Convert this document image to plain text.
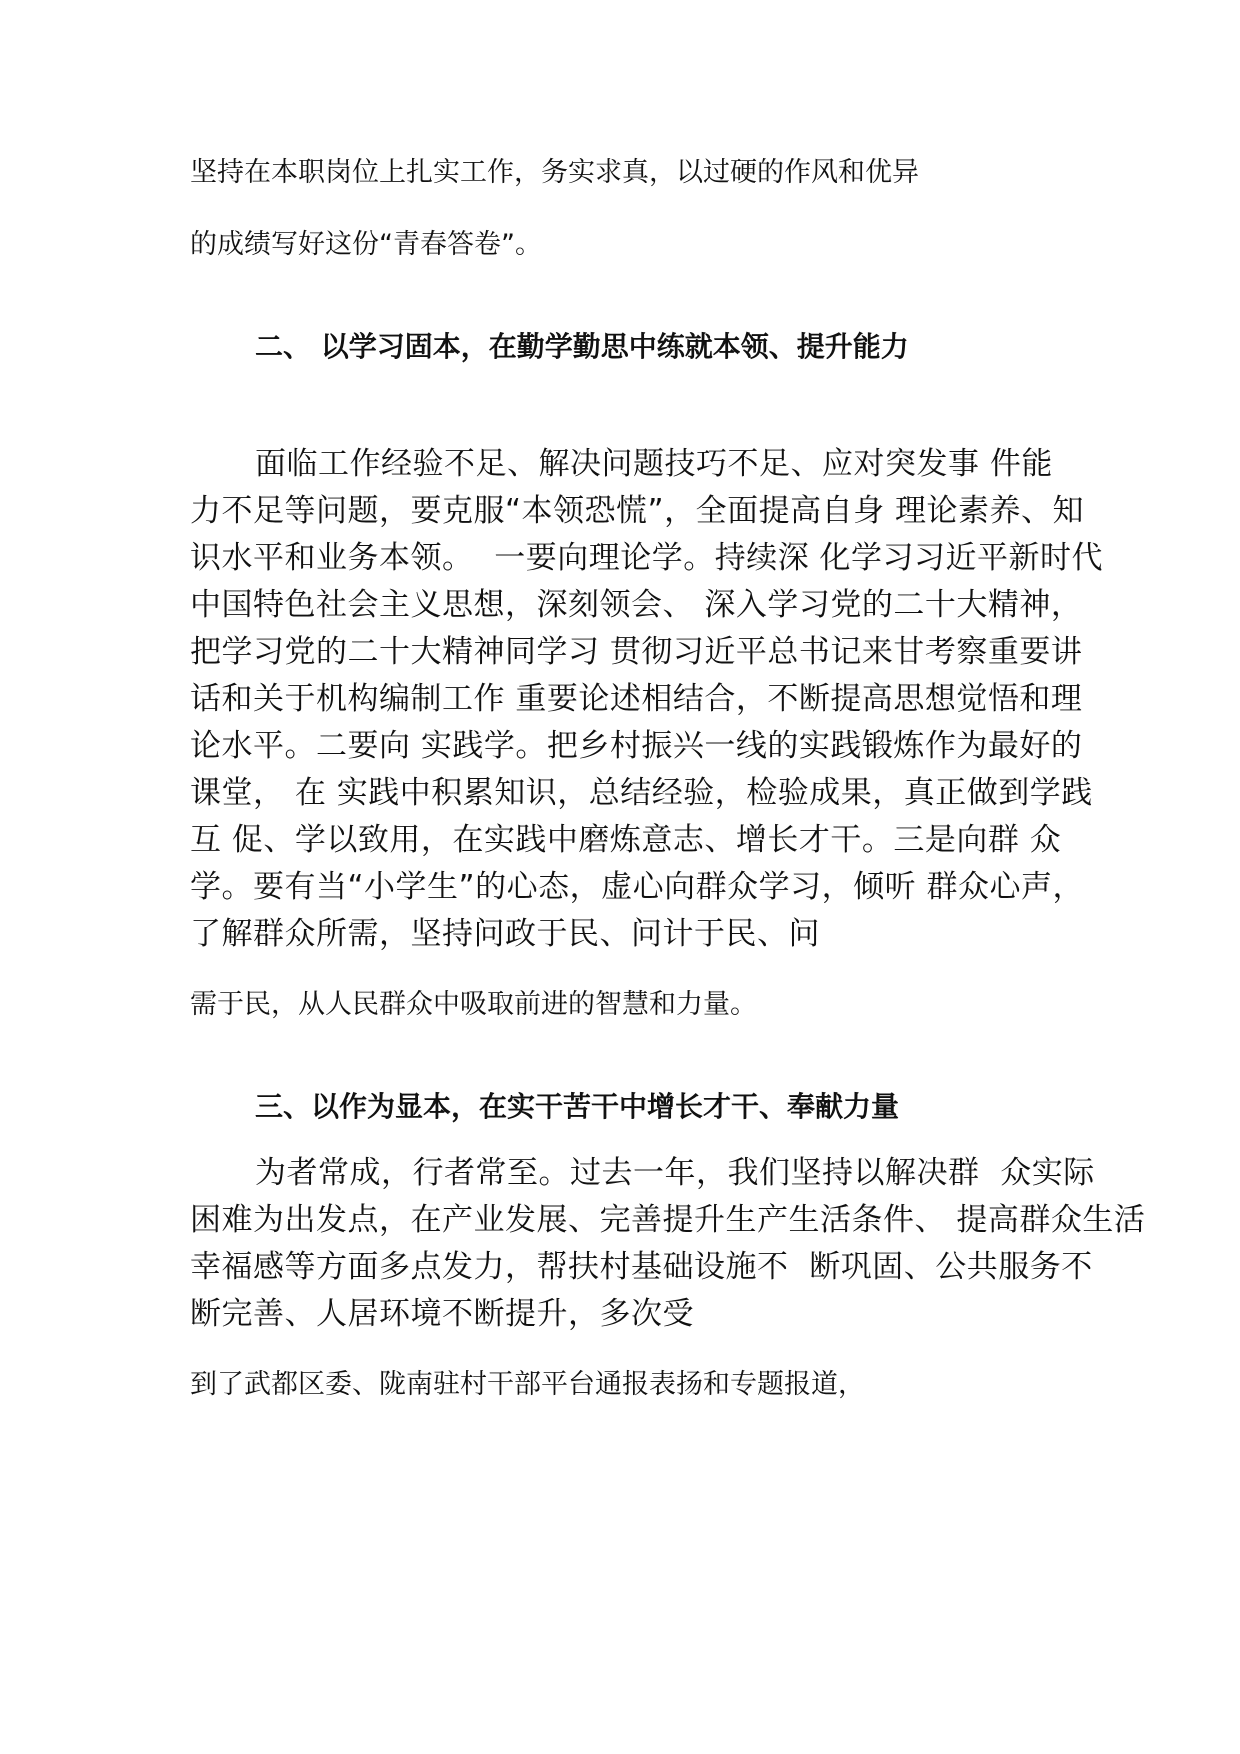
坚持在本职岗位上扎实工作，务实求真，以过硬的作风和优异

的成绩写好这份“青春答卷”。

二、 以学习固本，在勤学勤思中练就本领、提升能力

面临工作经验不足、解决问题技巧不足、应对突发事 件能

力不足等问题，要克服“本领恐慌”，全面提高自身 理论素养、知

识水平和业务本领。  一要向理论学。持续深 化学习习近平新时代

中国特色社会主义思想，深刻领会、 深入学习党的二十大精神，

把学习党的二十大精神同学习 贯彻习近平总书记来甘考察重要讲

话和关于机构编制工作 重要论述相结合，不断提高思想觉悟和理

论水平。二要向 实践学。把乡村振兴一线的实践锻炼作为最好的

课堂， 在 实践中积累知识，总结经验，检验成果，真正做到学践

互 促、学以致用，在实践中磨炼意志、增长才干。三是向群 众

学。要有当“小学生”的心态，虚心向群众学习，倾听 群众心声，

了解群众所需，坚持问政于民、问计于民、问

需于民，从人民群众中吸取前进的智慧和力量。

三、以作为显本，在实干苦干中增长才干、奉献力量

为者常成，行者常至。过去一年，我们坚持以解决群  众实际

困难为出发点，在产业发展、完善提升生产生活条件、 提高群众生活

幸福感等方面多点发力，帮扶村基础设施不  断巩固、公共服务不

断完善、人居环境不断提升，多次受

到了武都区委、陇南驻村干部平台通报表扬和专题报道，
